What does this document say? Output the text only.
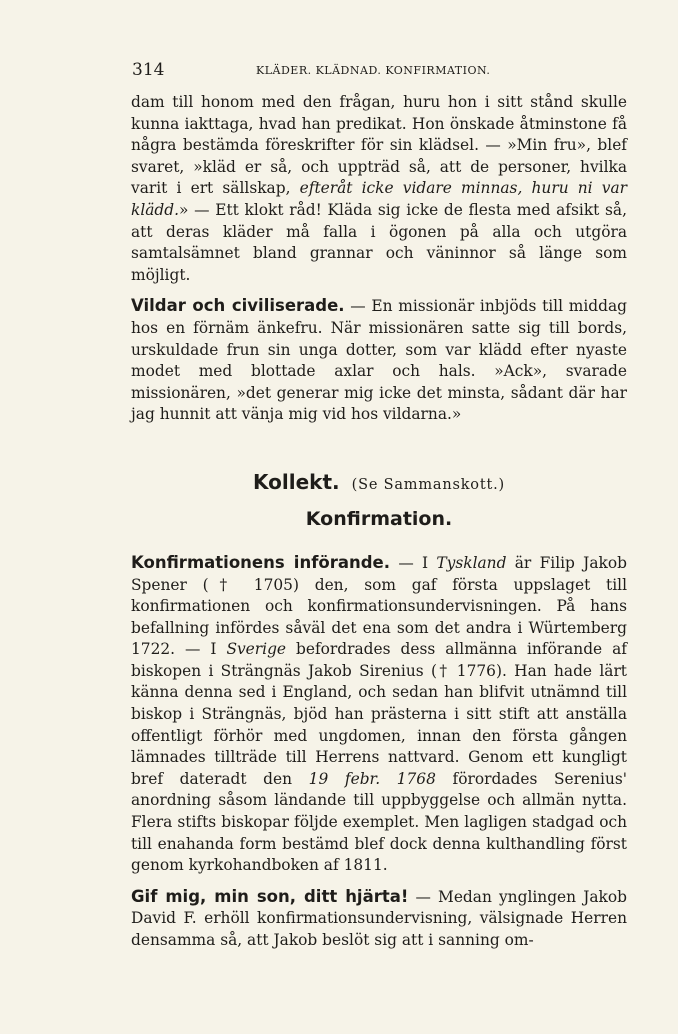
314	KLÄDER. KLÄDNAD. KONFIRMATION.

dam till honom med den frågan, huru hon i sitt stånd skulle kunna iakttaga, hvad han predikat. Hon önskade åtminstone få några bestämda föreskrifter för sin klädsel. — »Min fru», blef svaret, »kläd er så, och uppträd så, att de personer, hvilka varit i ert sällskap, efteråt icke vidare minnas, huru ni var klädd.» — Ett klokt råd! Kläda sig icke de flesta med afsikt så, att deras kläder må falla i ögonen på alla och utgöra samtalsämnet bland grannar och väninnor så länge som möjligt.

Vildar och civiliserade. — En missionär inbjöds till middag hos en förnäm änkefru. När missionären satte sig till bords, urskuldade frun sin unga dotter, som var klädd efter nyaste modet med blottade axlar och hals. »Ack», svarade missionären, »det generar mig icke det minsta, sådant där har jag hunnit att vänja mig vid hos vildarna.»

Kollekt. (Se Sammanskott.)
Konfirmation.

Konfirmationens införande. — I Tyskland är Filip Jakob Spener († 1705) den, som gaf första uppslaget till konfirmationen och konfirmationsundervisningen. På hans befallning infördes såväl det ena som det andra i Würtemberg 1722. — I Sverige befordrades dess allmänna införande af biskopen i Strängnäs Jakob Sirenius († 1776). Han hade lärt känna denna sed i England, och sedan han blifvit utnämnd till biskop i Strängnäs, bjöd han prästerna i sitt stift att anställa offentligt förhör med ungdomen, innan den första gången lämnades tillträde till Herrens nattvard. Genom ett kungligt bref dateradt den 19 febr. 1768 förordades Serenius' anordning såsom ländande till uppbyggelse och allmän nytta. Flera stifts biskopar följde exemplet. Men lagligen stadgad och till enahanda form bestämd blef dock denna kulthandling först genom kyrkohandboken af 1811.

Gif mig, min son, ditt hjärta! — Medan ynglingen Jakob David F. erhöll konfirmationsundervisning, välsignade Herren densamma så, att Jakob beslöt sig att i sanning om-
